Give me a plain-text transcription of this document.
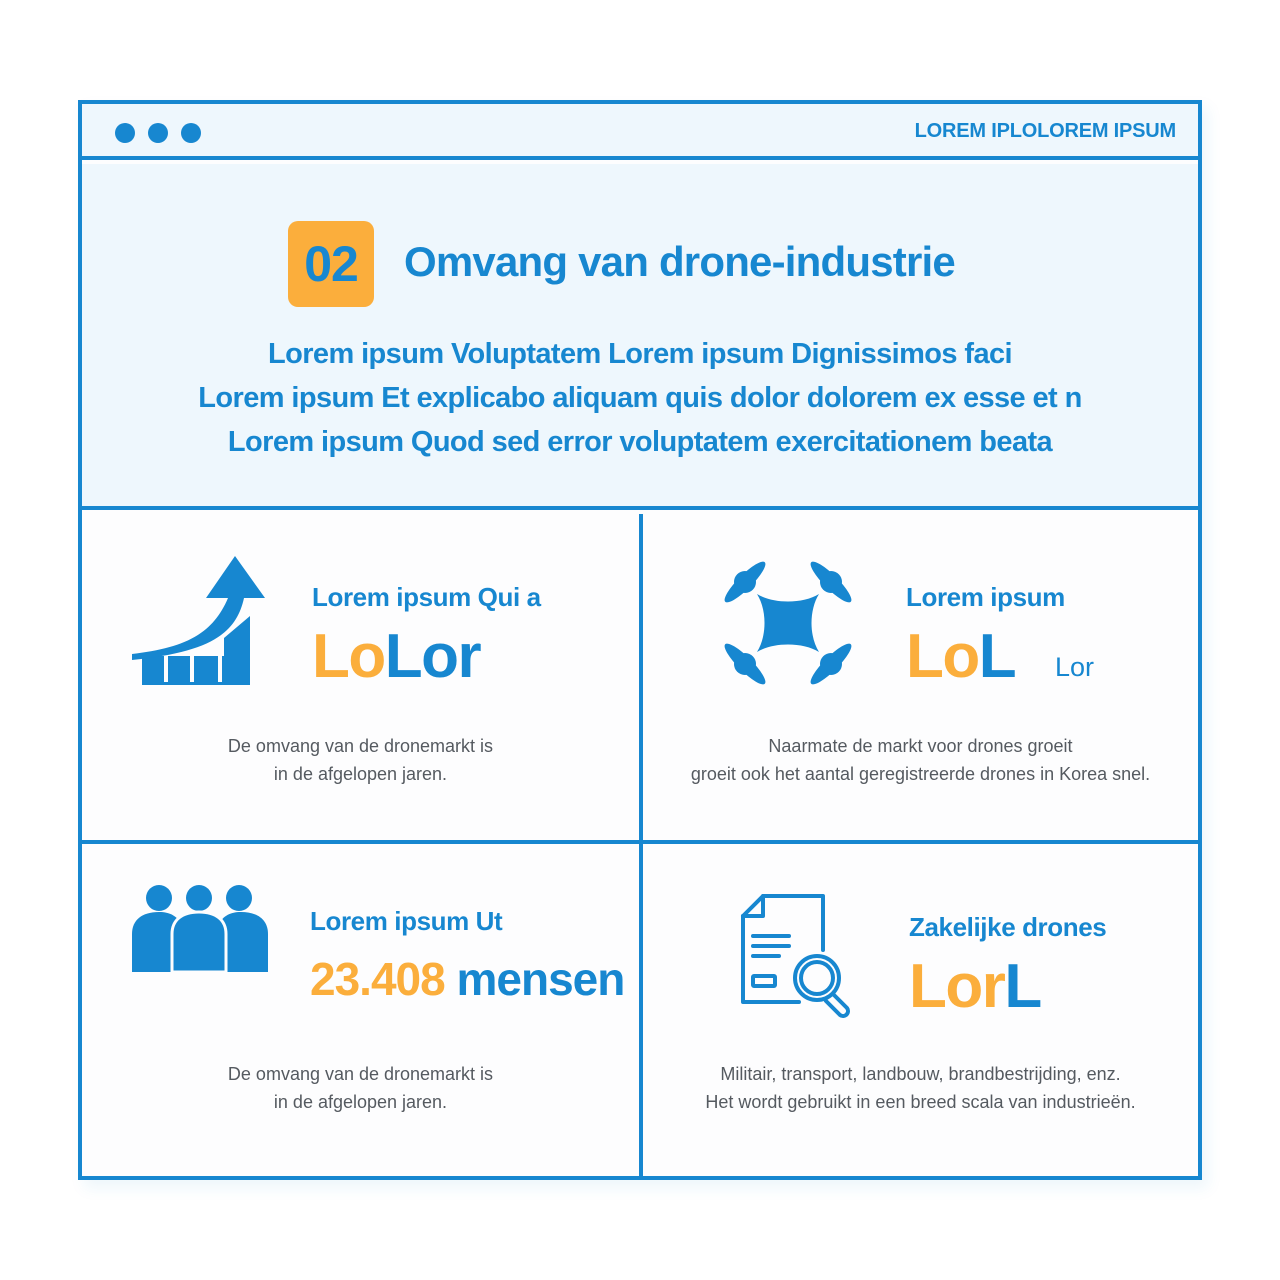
LOREM IPLOLOREM IPSUM
02	Omvang van drone-industrie
Lorem ipsum Voluptatem Lorem ipsum Dignissimos faci
Lorem ipsum Et explicabo aliquam quis dolor dolorem ex esse et n
Lorem ipsum Quod sed error voluptatem exercitationem beata
Lorem ipsum Qui a
LoLor
De omvang van de dronemarkt is
in de afgelopen jaren.
Lorem ipsum
LoL Lor
Naarmate de markt voor drones groeit
groeit ook het aantal geregistreerde drones in Korea snel.
Lorem ipsum Ut
23.408 mensen
De omvang van de dronemarkt is
in de afgelopen jaren.
Zakelijke drones
LorL
Militair, transport, landbouw, brandbestrijding, enz.
Het wordt gebruikt in een breed scala van industrieën.
